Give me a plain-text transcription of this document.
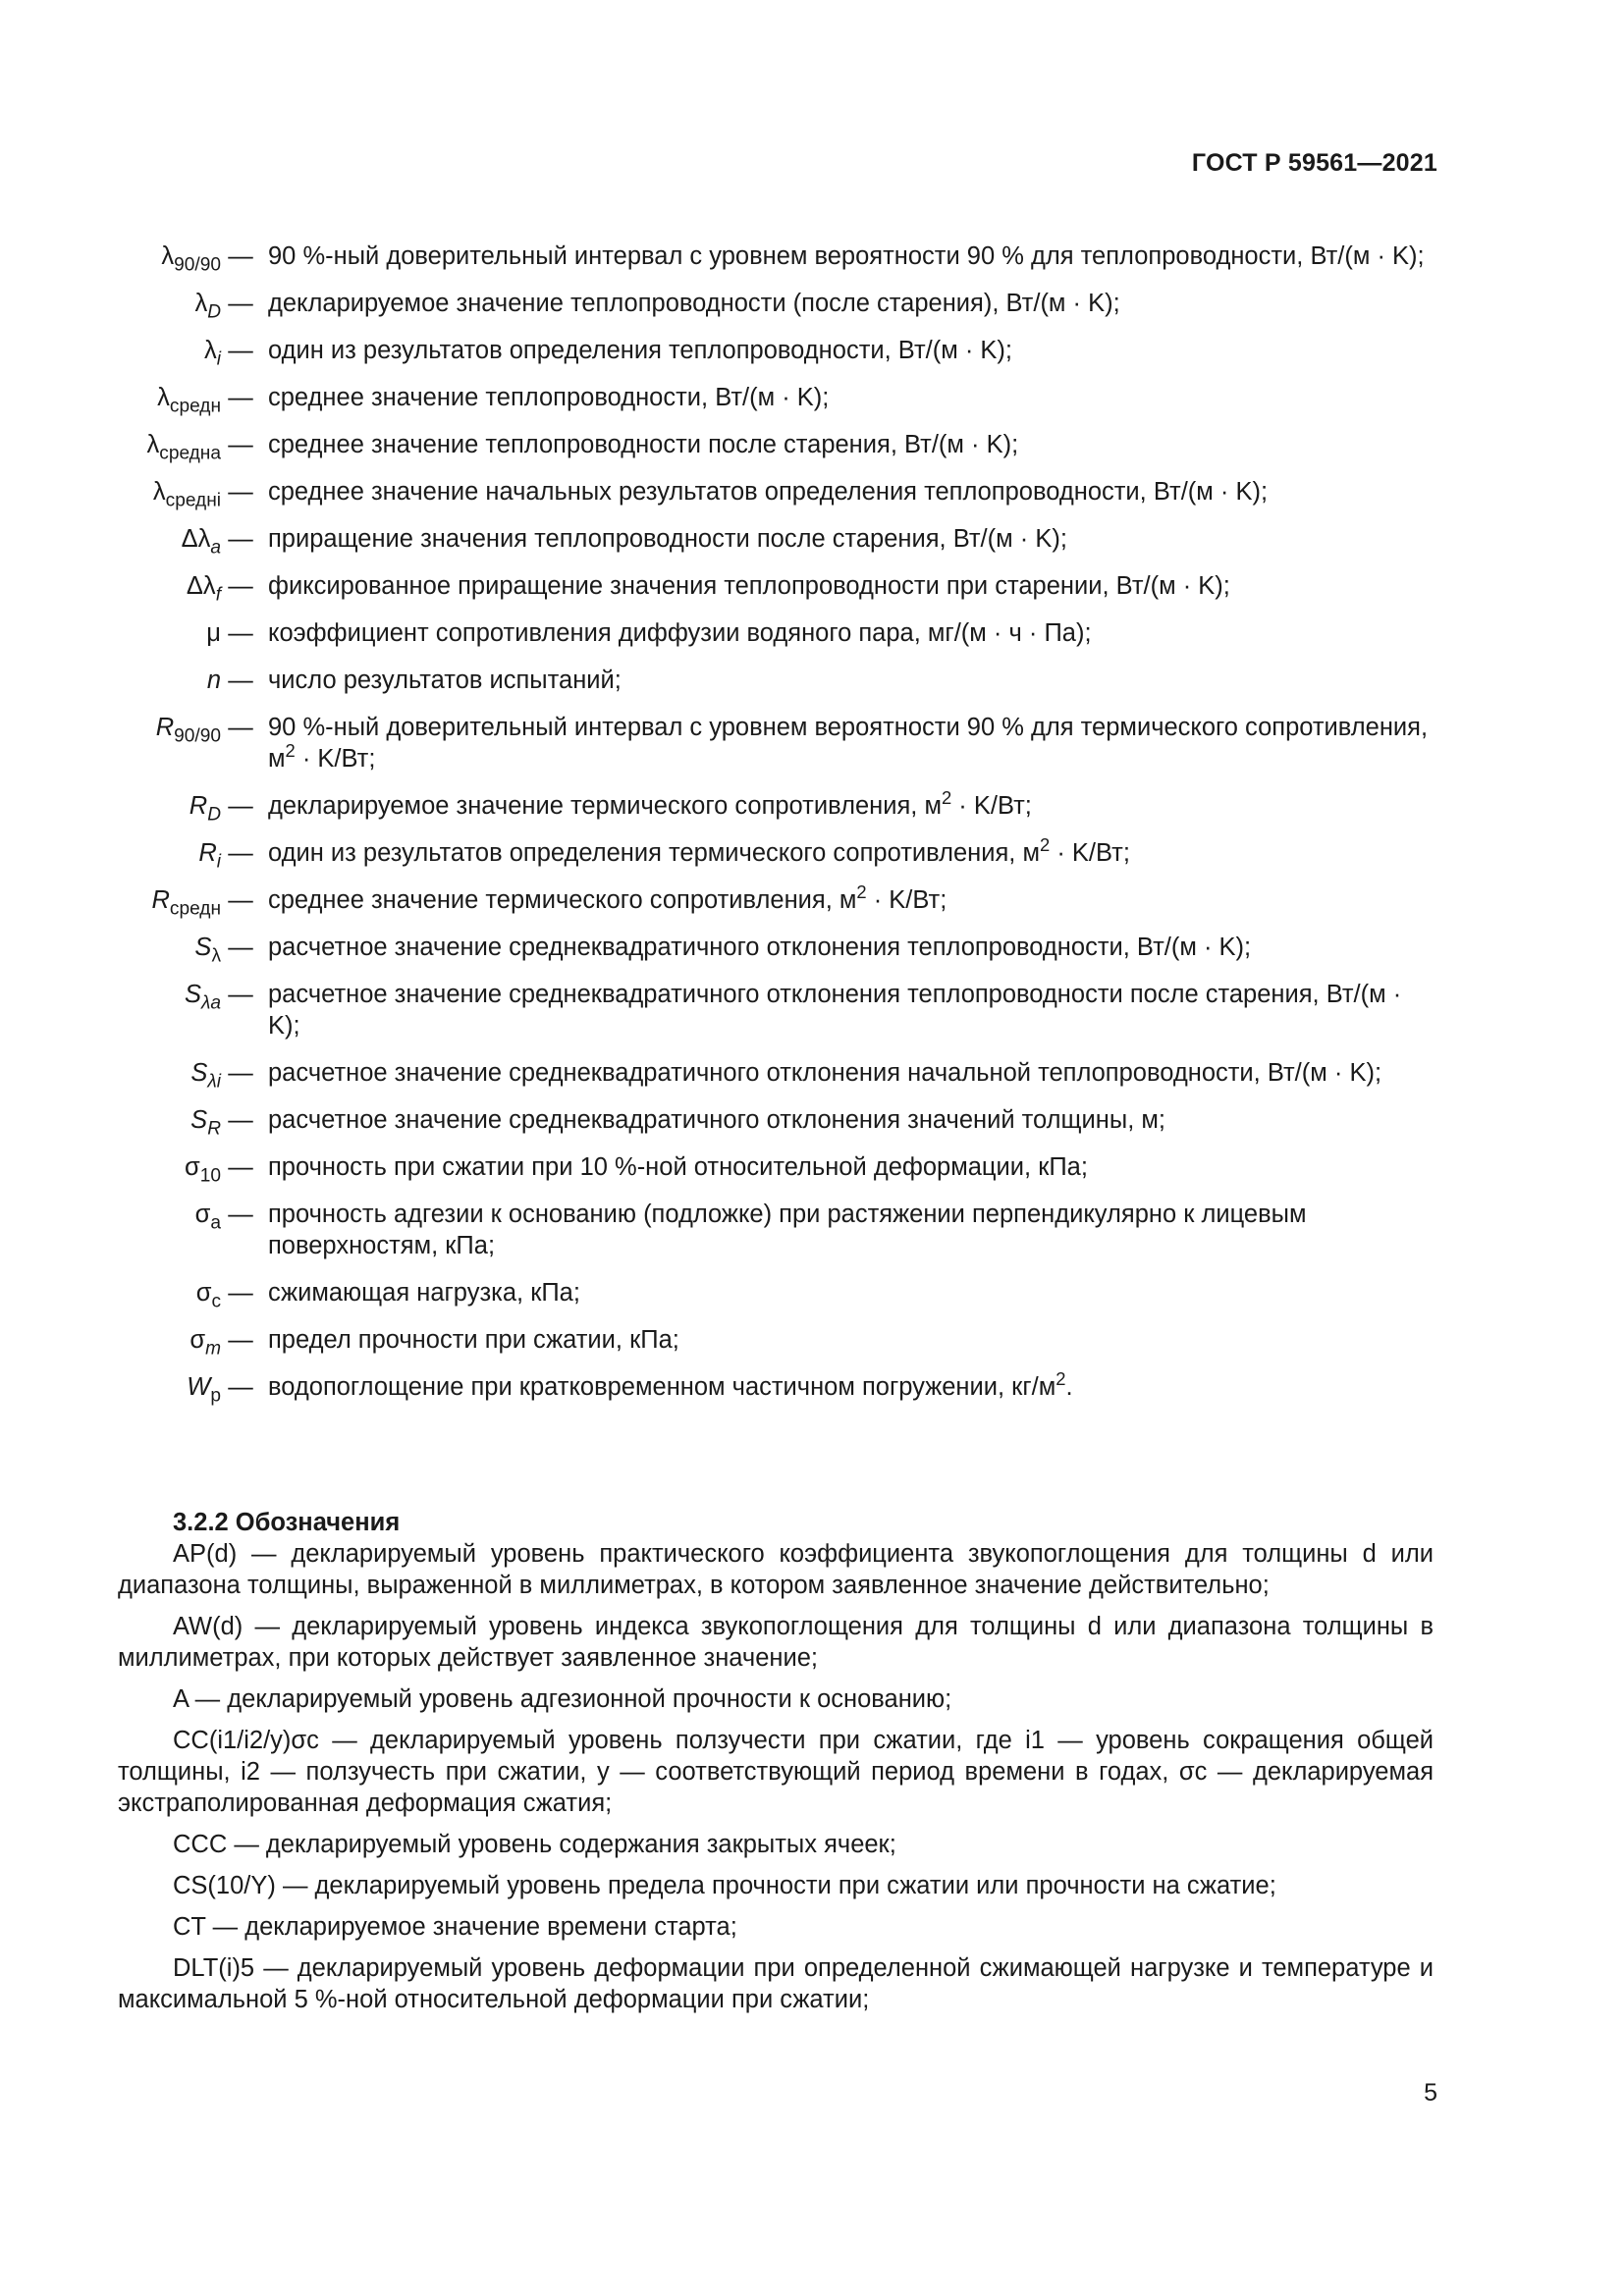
ГОСТ Р 59561—2021
$\lambda_{90/90}$ — 90 %-ный доверительный интервал с уровнем вероятности 90 % для теплопроводности, Вт/(м · K);
$\lambda_D$ — декларируемое значение теплопроводности (после старения), Вт/(м · K);
$\lambda_i$ — один из результатов определения теплопроводности, Вт/(м · K);
$\lambda_{средн}$ — среднее значение теплопроводности, Вт/(м · K);
$\lambda_{средна}$ — среднее значение теплопроводности после старения, Вт/(м · K);
$\lambda_{среднi}$ — среднее значение начальных результатов определения теплопроводности, Вт/(м · K);
$\Delta\lambda_a$ — приращение значения теплопроводности после старения, Вт/(м · K);
$\Delta\lambda_f$ — фиксированное приращение значения теплопроводности при старении, Вт/(м · K);
μ — коэффициент сопротивления диффузии водяного пара, мг/(м · ч · Па);
n — число результатов испытаний;
$R_{90/90}$ — 90 %-ный доверительный интервал с уровнем вероятности 90 % для термического сопротивления, $м^2 \cdot K/Вт$;
$R_D$ — декларируемое значение термического сопротивления, $м^2 \cdot K/Вт$;
$R_i$ — один из результатов определения термического сопротивления, $м^2 \cdot K/Вт$;
$R_{средн}$ — среднее значение термического сопротивления, $м^2 \cdot K/Вт$;
$S_\lambda$ — расчетное значение среднеквадратичного отклонения теплопроводности, Вт/(м · K);
$S_{\lambda a}$ — расчетное значение среднеквадратичного отклонения теплопроводности после старения, Вт/(м · K);
$S_{\lambda i}$ — расчетное значение среднеквадратичного отклонения начальной теплопроводности, Вт/(м · K);
$S_R$ — расчетное значение среднеквадратичного отклонения значений толщины, м;
$\sigma_{10}$ — прочность при сжатии при 10 %-ной относительной деформации, кПа;
$\sigma_a$ — прочность адгезии к основанию (подложке) при растяжении перпендикулярно к лицевым поверхностям, кПа;
$\sigma_c$ — сжимающая нагрузка, кПа;
$\sigma_m$ — предел прочности при сжатии, кПа;
$W_p$ — водопоглощение при кратковременном частичном погружении, $кг/м^2$.
3.2.2 Обозначения
AP(d) — декларируемый уровень практического коэффициента звукопоглощения для толщины d или диапазона толщины, выраженной в миллиметрах, в котором заявленное значение действительно;
AW(d) — декларируемый уровень индекса звукопоглощения для толщины d или диапазона толщины в миллиметрах, при которых действует заявленное значение;
A — декларируемый уровень адгезионной прочности к основанию;
CC(i1/i2/y)σc — декларируемый уровень ползучести при сжатии, где i1 — уровень сокращения общей толщины, i2 — ползучесть при сжатии, y — соответствующий период времени в годах, σc — декларируемая экстраполированная деформация сжатия;
CCC — декларируемый уровень содержания закрытых ячеек;
CS(10/Y) — декларируемый уровень предела прочности при сжатии или прочности на сжатие;
CT — декларируемое значение времени старта;
DLT(i)5 — декларируемый уровень деформации при определенной сжимающей нагрузке и температуре и максимальной 5 %-ной относительной деформации при сжатии;
5
